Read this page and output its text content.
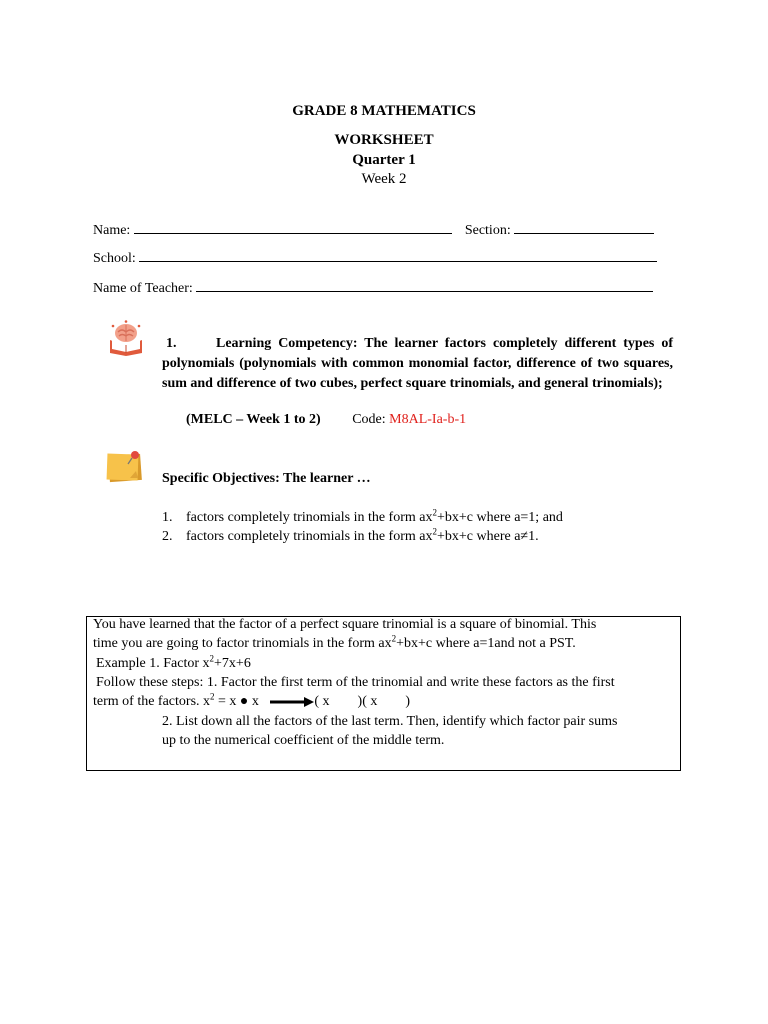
GRADE 8 MATHEMATICS
WORKSHEET
Quarter 1
Week 2
Name:	Section:
School:
Name of Teacher:
1.	Learning Competency: The learner factors completely different types of polynomials (polynomials with common monomial factor, difference of two squares, sum and difference of two cubes, perfect square trinomials, and general trinomials);
(MELC – Week 1 to 2) Code: M8AL-Ia-b-1
Specific Objectives: The learner …
1. factors completely trinomials in the form $ax^2+bx+c$ where a=1; and
2. factors completely trinomials in the form $ax^2+bx+c$ where a≠1.
You have learned that the factor of a perfect square trinomial is a square of binomial. This
time you are going to factor trinomials in the form $ax^2+bx+c$ where a=1and not a PST.
Example 1. Factor $x^2+7x+6$
Follow these steps: 1. Factor the first term of the trinomial and write these factors as the first
term of the factors. $x^2 = x$ ● x	( x        )( x        )
2. List down all the factors of the last term. Then, identify which factor pair sums
up to the numerical coefficient of the middle term.
